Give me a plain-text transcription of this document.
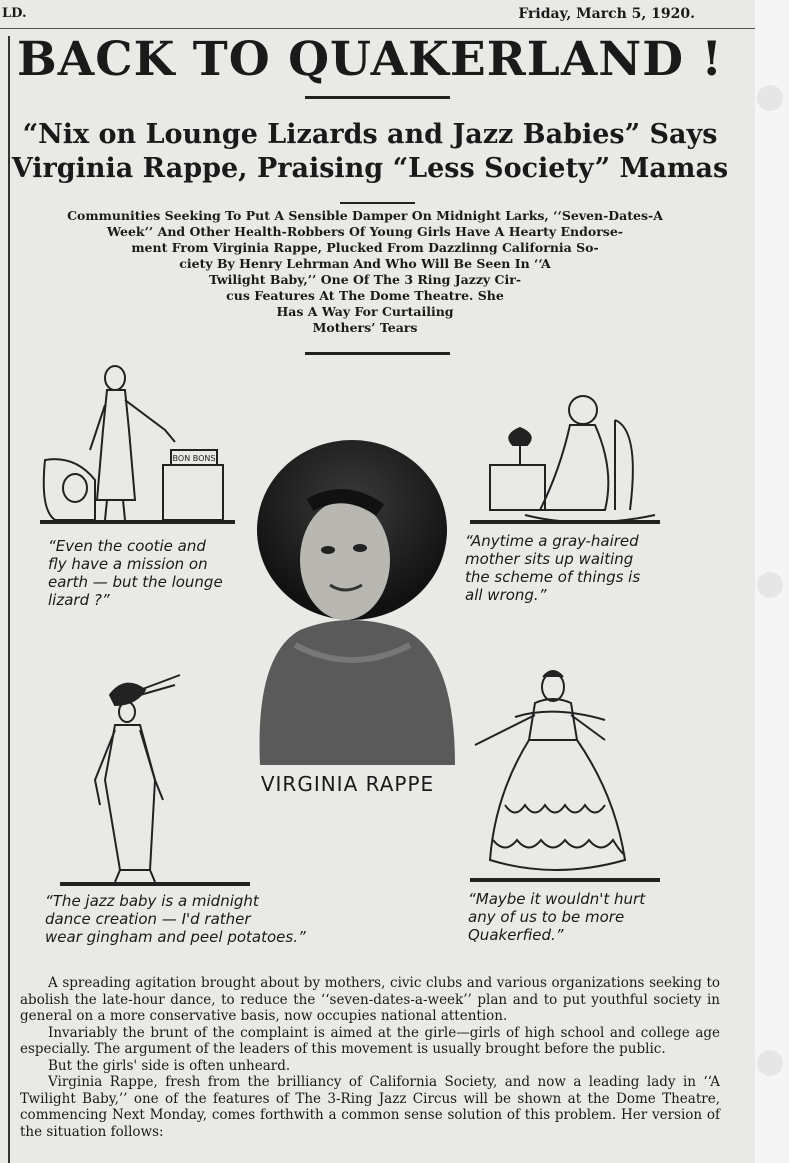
LD.	Friday, March 5, 1920.
BACK TO QUAKERLAND !
“Nix on Lounge Lizards and Jazz Babies” Says
Virginia Rappe, Praising “Less Society” Mamas
Communities Seeking To Put A Sensible Damper On Midnight Larks, ‘‘Seven-Dates-A
Week’’ And Other Health-Robbers Of Young Girls Have A Hearty Endorse-
ment From Virginia Rappe, Plucked From Dazzlinng California So-
ciety By Henry Lehrman And Who Will Be Seen In ‘‘A
Twilight Baby,’’ One Of The 3 Ring Jazzy Cir-
cus Features At The Dome Theatre. She
Has A Way For Curtailing
Mothers’ Tears
BON BONS
“Even the cootie and
fly have a mission on
earth — but the lounge
lizard ?”
“Anytime a gray-haired
mother sits up waiting
the scheme of things is
all wrong.”
VIRGINIA RAPPE
“The jazz baby is a midnight
dance creation — I'd rather
wear gingham and peel potatoes.”
“Maybe it wouldn't hurt
any of us to be more
Quakerfied.”

A spreading agitation brought about by mothers, civic clubs and various organizations seeking to abolish the late-hour dance, to reduce the ‘‘seven-dates-a-week’’ plan and to put youthful society in general on a more conservative basis, now occupies national attention.

Invariably the brunt of the complaint is aimed at the girle—girls of high school and college age especially. The argument of the leaders of this movement is usually brought before the public.

But the girls' side is often unheard.

Virginia Rappe, fresh from the brilliancy of California Society, and now a leading lady in ‘‘A Twilight Baby,’’ one of the features of The 3-Ring Jazz Circus will be shown at the Dome Theatre, commencing Next Monday, comes forthwith a common sense solution of this problem. Her version of the situation follows:
